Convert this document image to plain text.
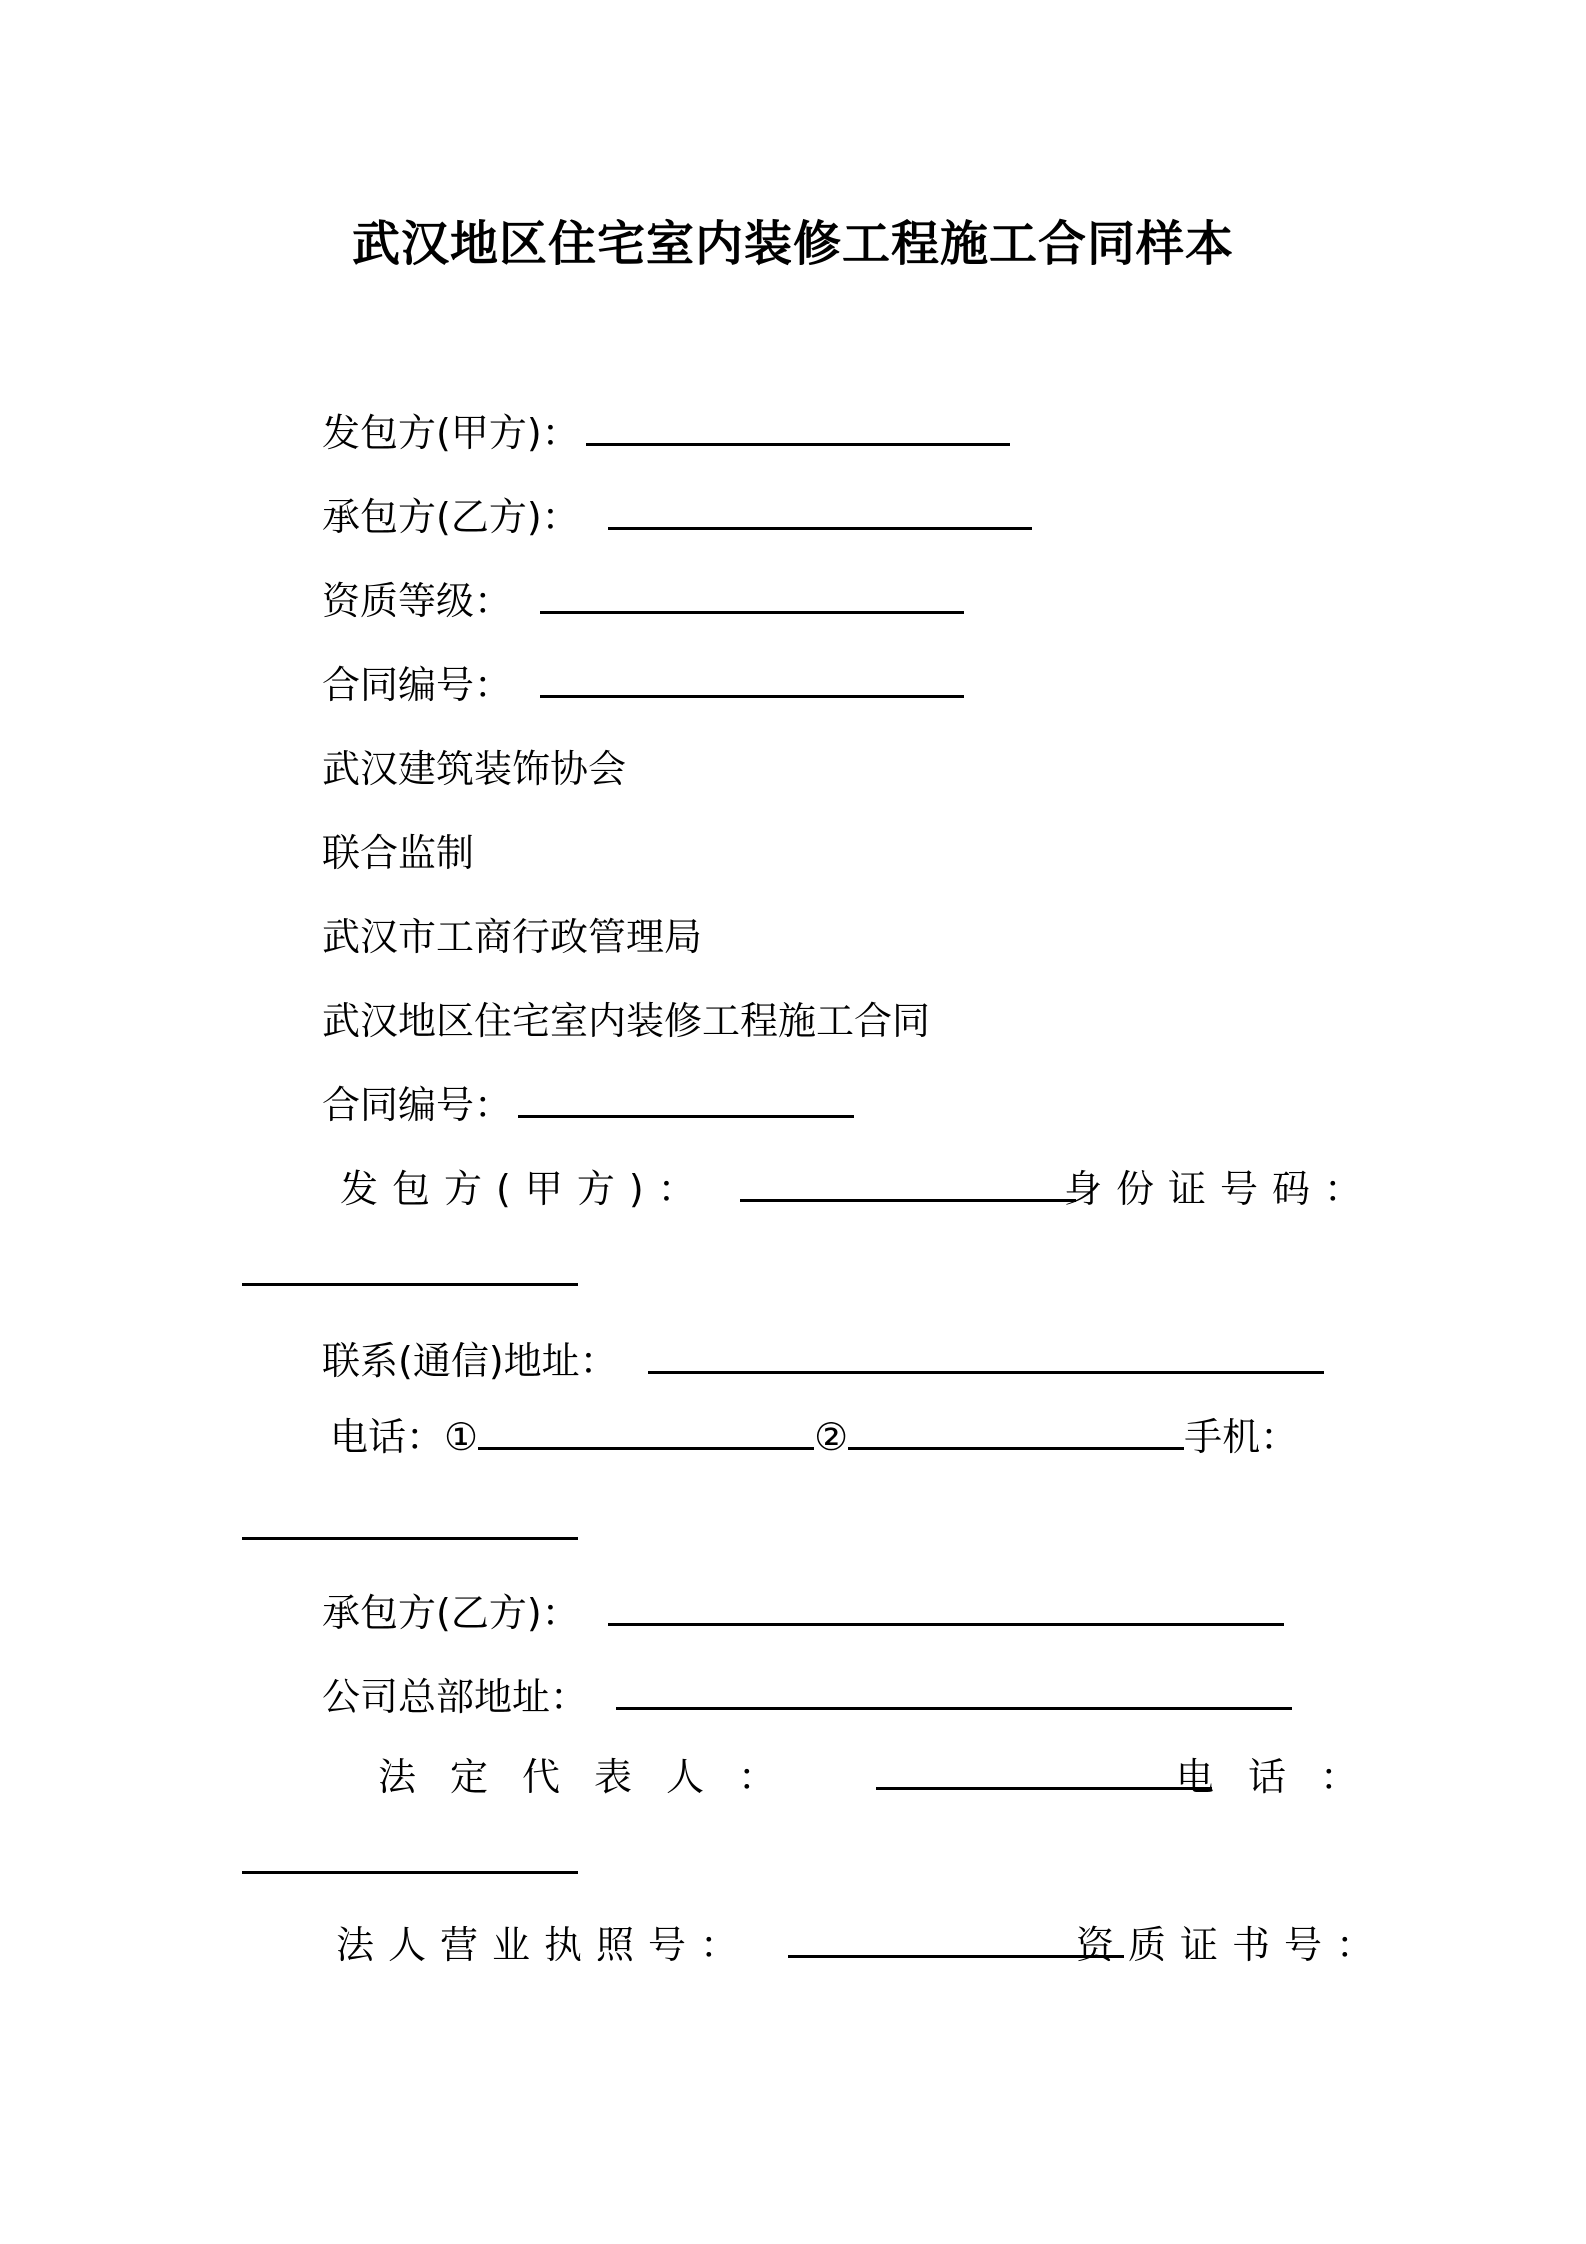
武汉地区住宅室内装修工程施工合同样本
发包方(甲方)：
承包方(乙方)：
资质等级：
合同编号：
武汉建筑装饰协会
联合监制
武汉市工商行政管理局
武汉地区住宅室内装修工程施工合同
合同编号：
发包方(甲方)：	身份证号码：
联系(通信)地址：
电话：①	②	手机：
承包方(乙方)：
公司总部地址：
法定代表人：	电话：
法人营业执照号：	资质证书号：
